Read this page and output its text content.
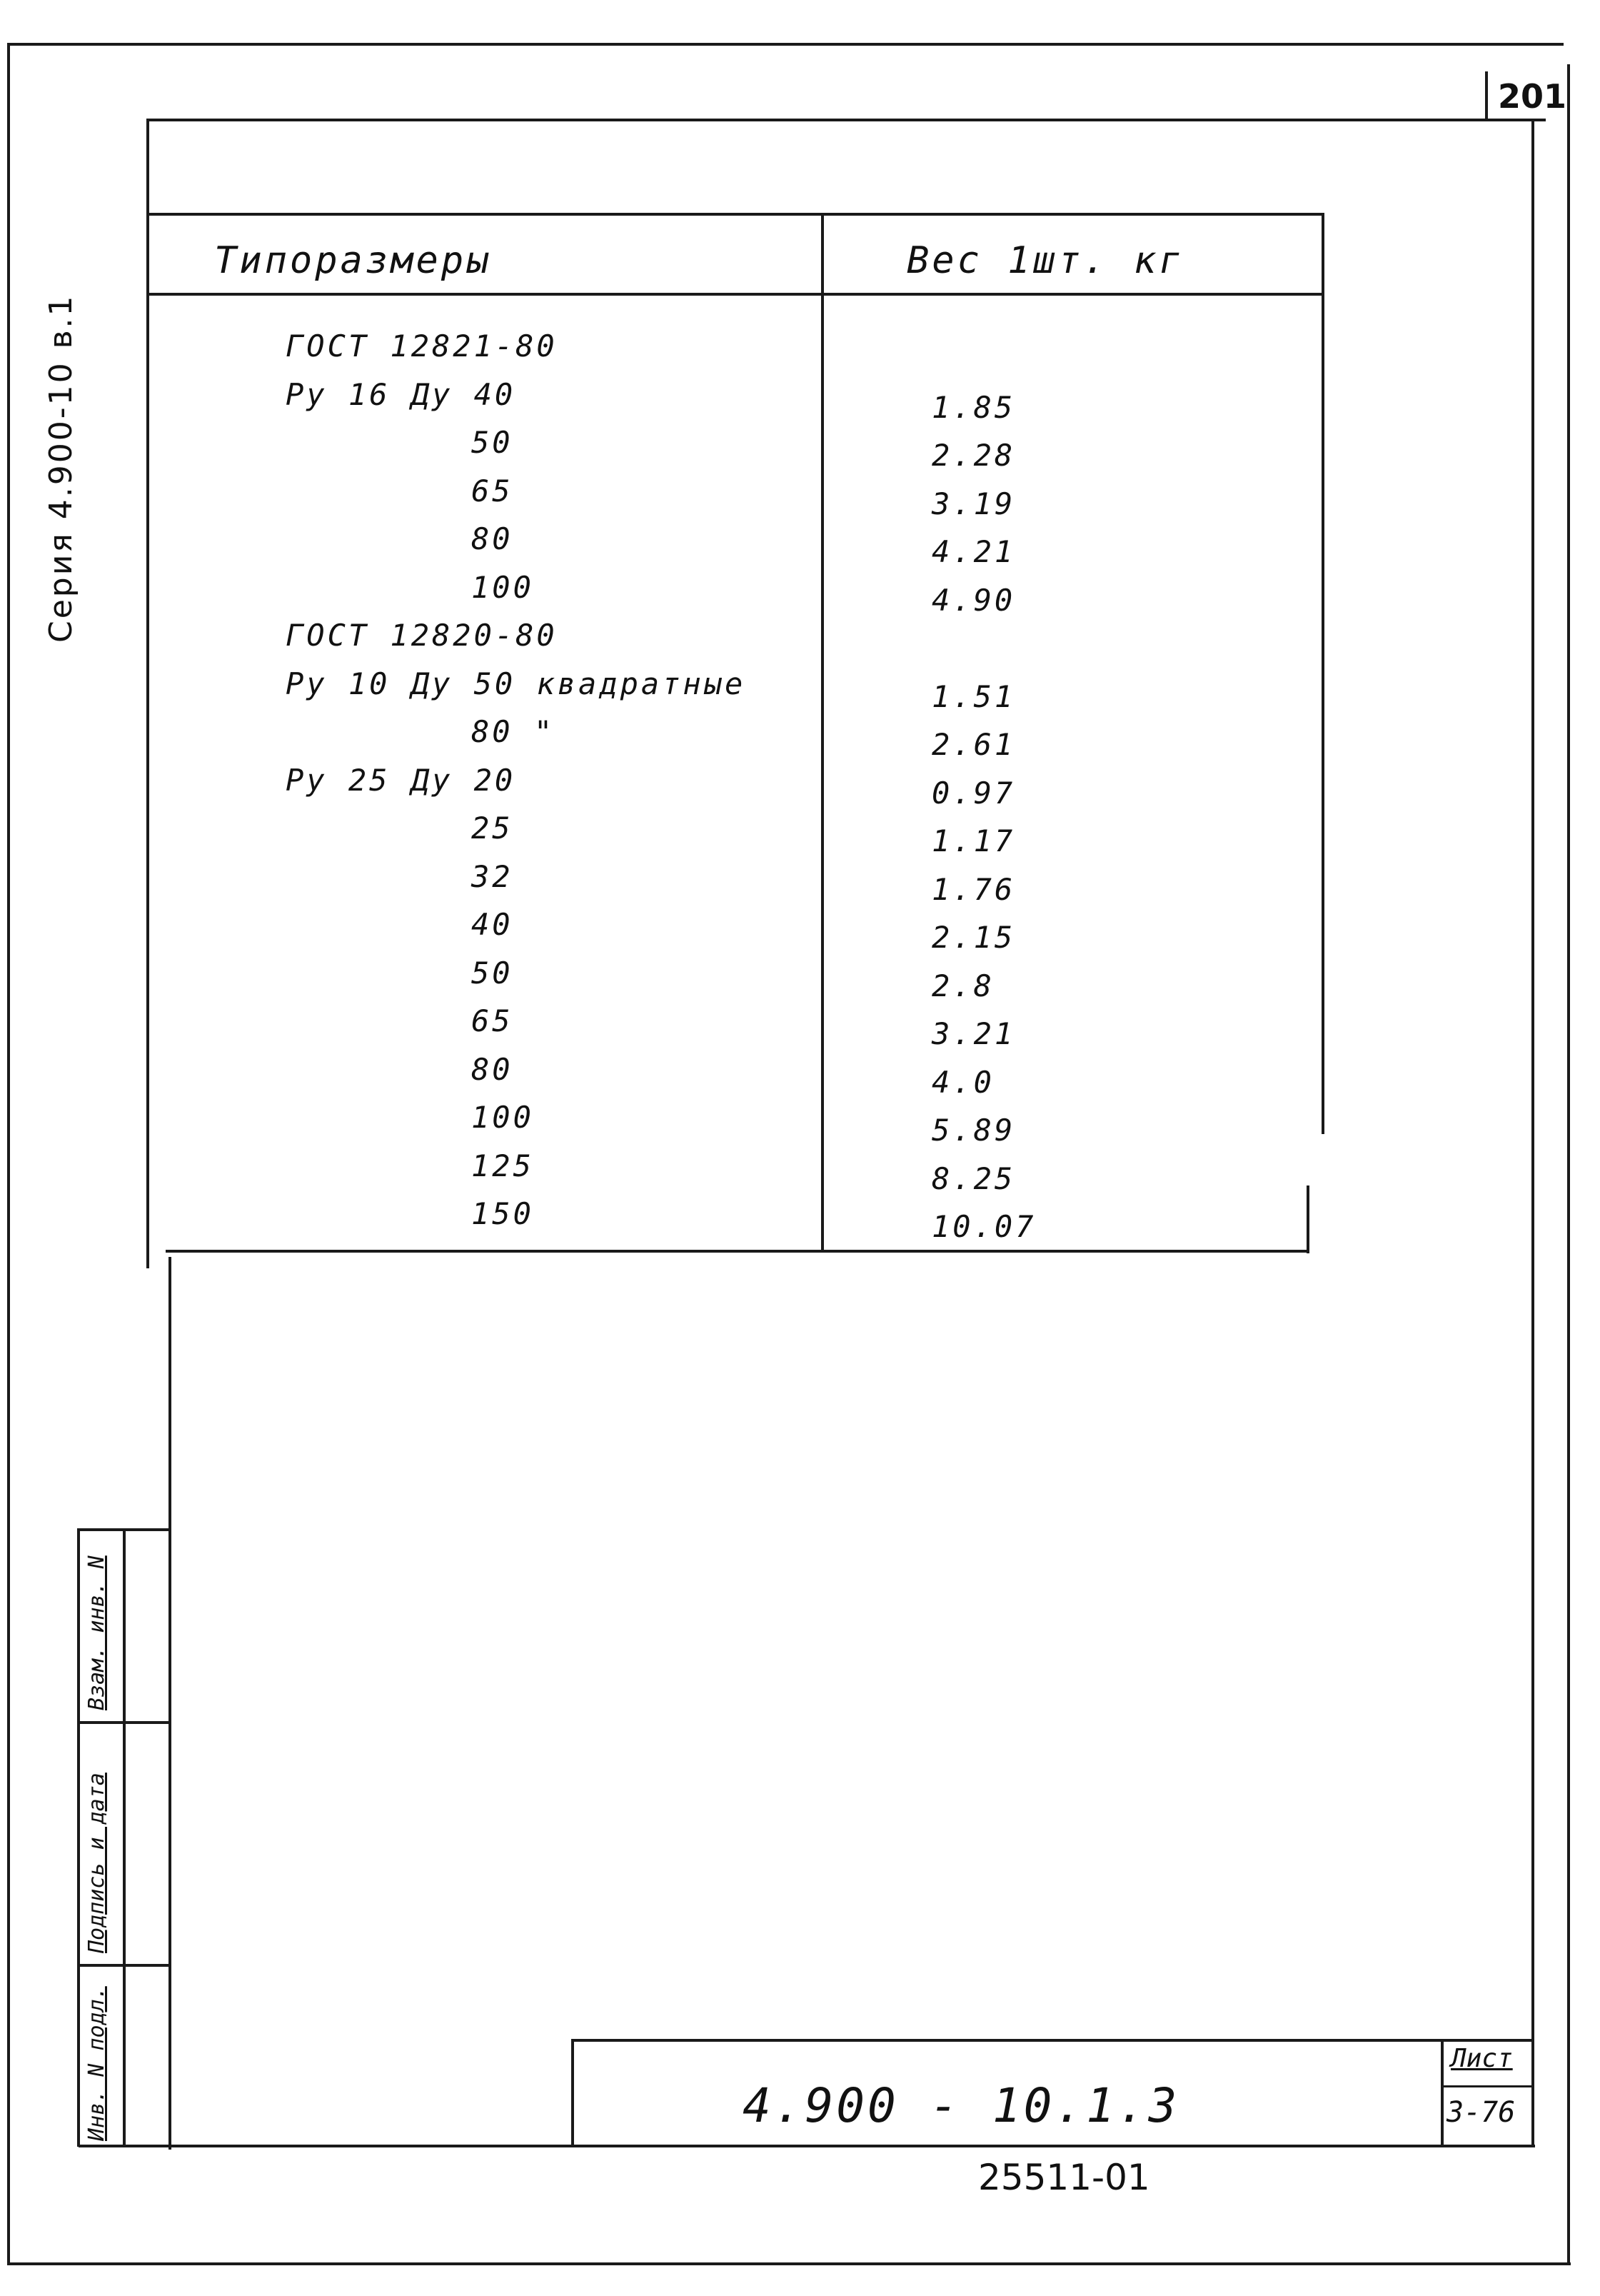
201
Серия 4.900-10 в.1
Типоразмеры	Вес 1шт. кг
ГОСТ 12821-80
Ру 16 Ду 40	1.85
50	2.28
65	3.19
80	4.21
100	4.90
ГОСТ 12820-80
Ру 10 Ду 50 квадратные	1.51
80 "	2.61
Ру 25 Ду 20	0.97
25	1.17
32	1.76
40	2.15
50	2.8
65	3.21
80	4.0
100	5.89
125	8.25
150	10.07
Взам. инв. N
Подпись и дата
Инв. N подл.	4.900 - 10.1.3
Лист
3-76
25511-01
